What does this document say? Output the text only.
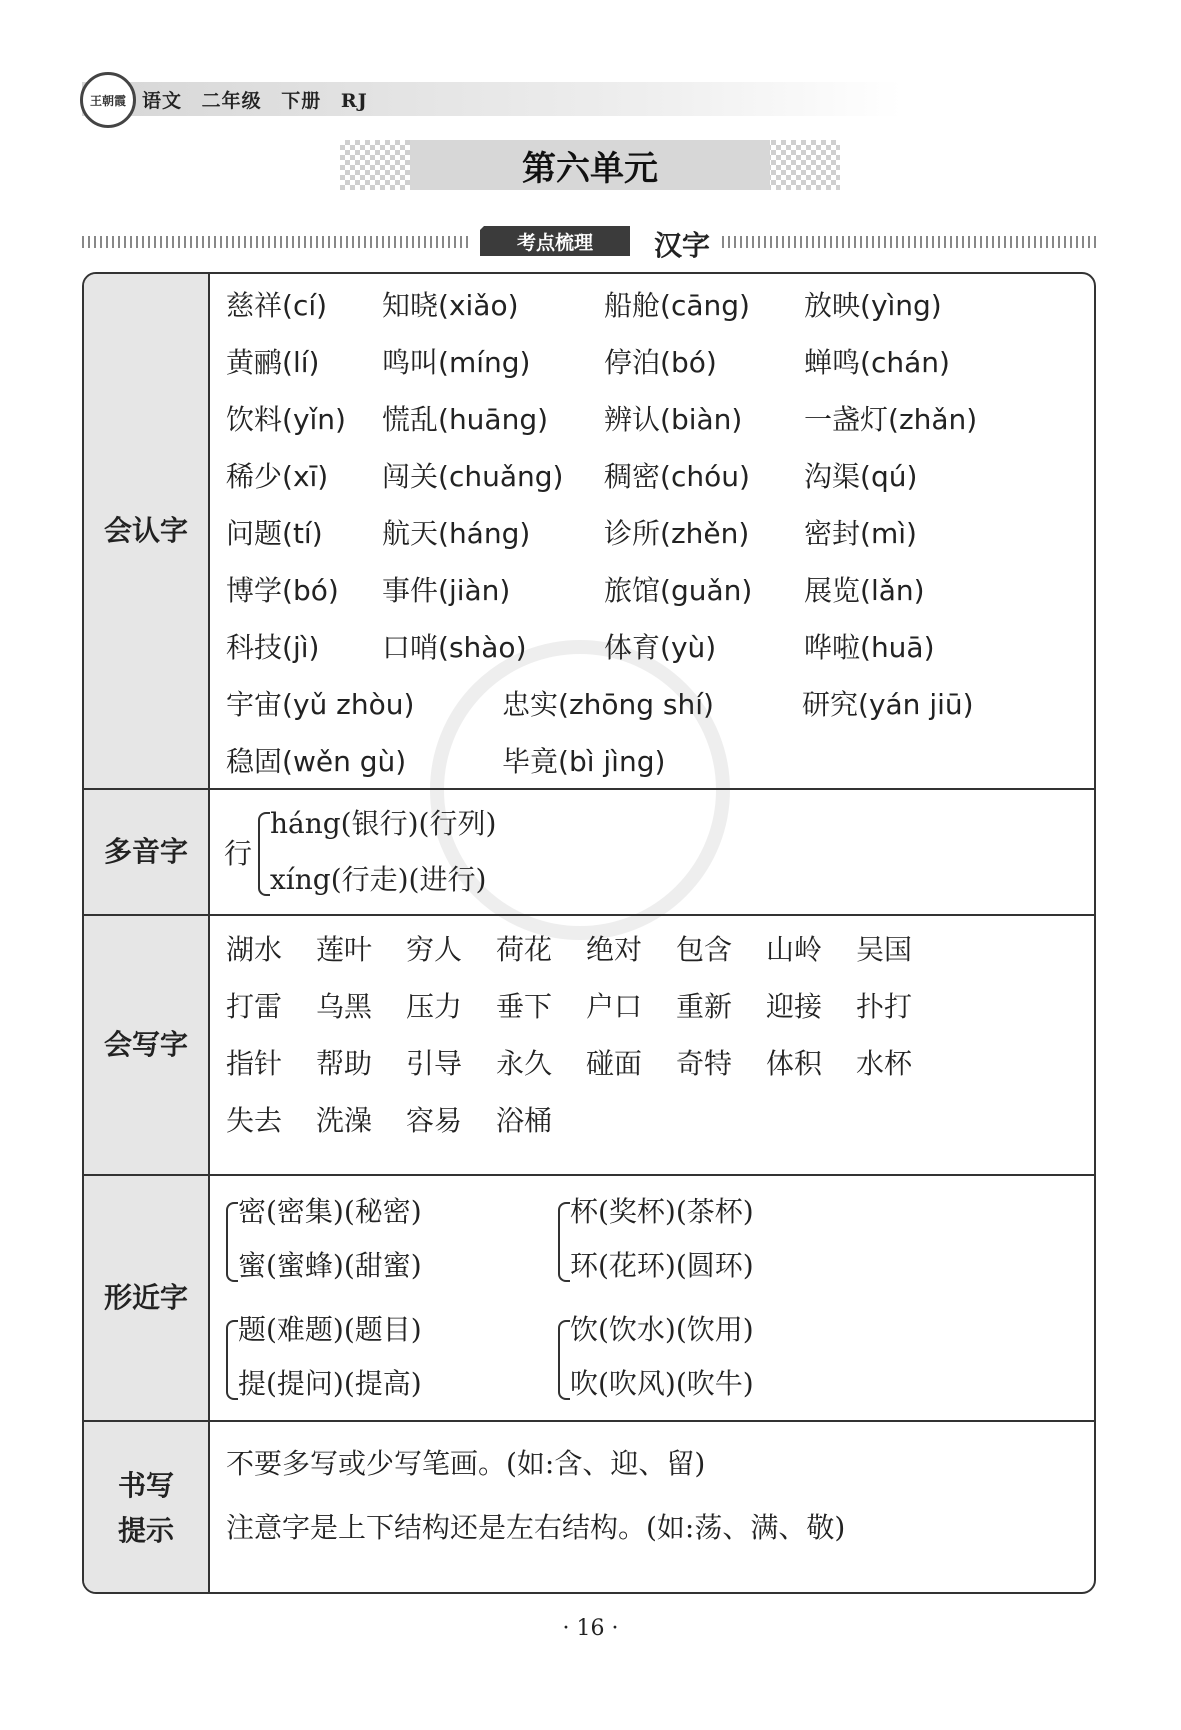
王朝霞 语文 二年级 下册 RJ
第六单元
考点梳理	汉字
会认字
慈祥(cí) 知晓(xiǎo)	船舱(cāng) 放映(yìng)
黄鹂(lí) 鸣叫(míng)	停泊(bó)	蝉鸣(chán)
饮料(yǐn) 慌乱(huāng) 辨认(biàn) 一盏灯(zhǎn)
稀少(xī) 闯关(chuǎng) 稠密(chóu) 沟渠(qú)
问题(tí) 航天(háng)	诊所(zhěn) 密封(mì)
博学(bó) 事件(jiàn)	旅馆(guǎn) 展览(lǎn)
科技(jì) 口哨(shào)	体育(yù)	哗啦(huā)
宇宙(yǔ zhòu)	忠实(zhōng shí)	研究(yán jiū)
稳固(wěn gù)	毕竟(bì jìng)
多音字	行
háng(银行)(行列)
xíng(行走)(进行)
会写字
湖水 莲叶 穷人 荷花 绝对 包含 山岭 吴国
打雷 乌黑 压力 垂下 户口 重新 迎接 扑打
指针 帮助 引导 永久 碰面 奇特 体积 水杯
失去 洗澡 容易 浴桶
形近字
密(密集)(秘密)
蜜(蜜蜂)(甜蜜)
杯(奖杯)(茶杯)
环(花环)(圆环)
题(难题)(题目)
提(提问)(提高)
饮(饮水)(饮用)
吹(吹风)(吹牛)
书写
提示
不要多写或少写笔画。(如:含、迎、留)
注意字是上下结构还是左右结构。(如:荡、满、敬)
· 16 ·
